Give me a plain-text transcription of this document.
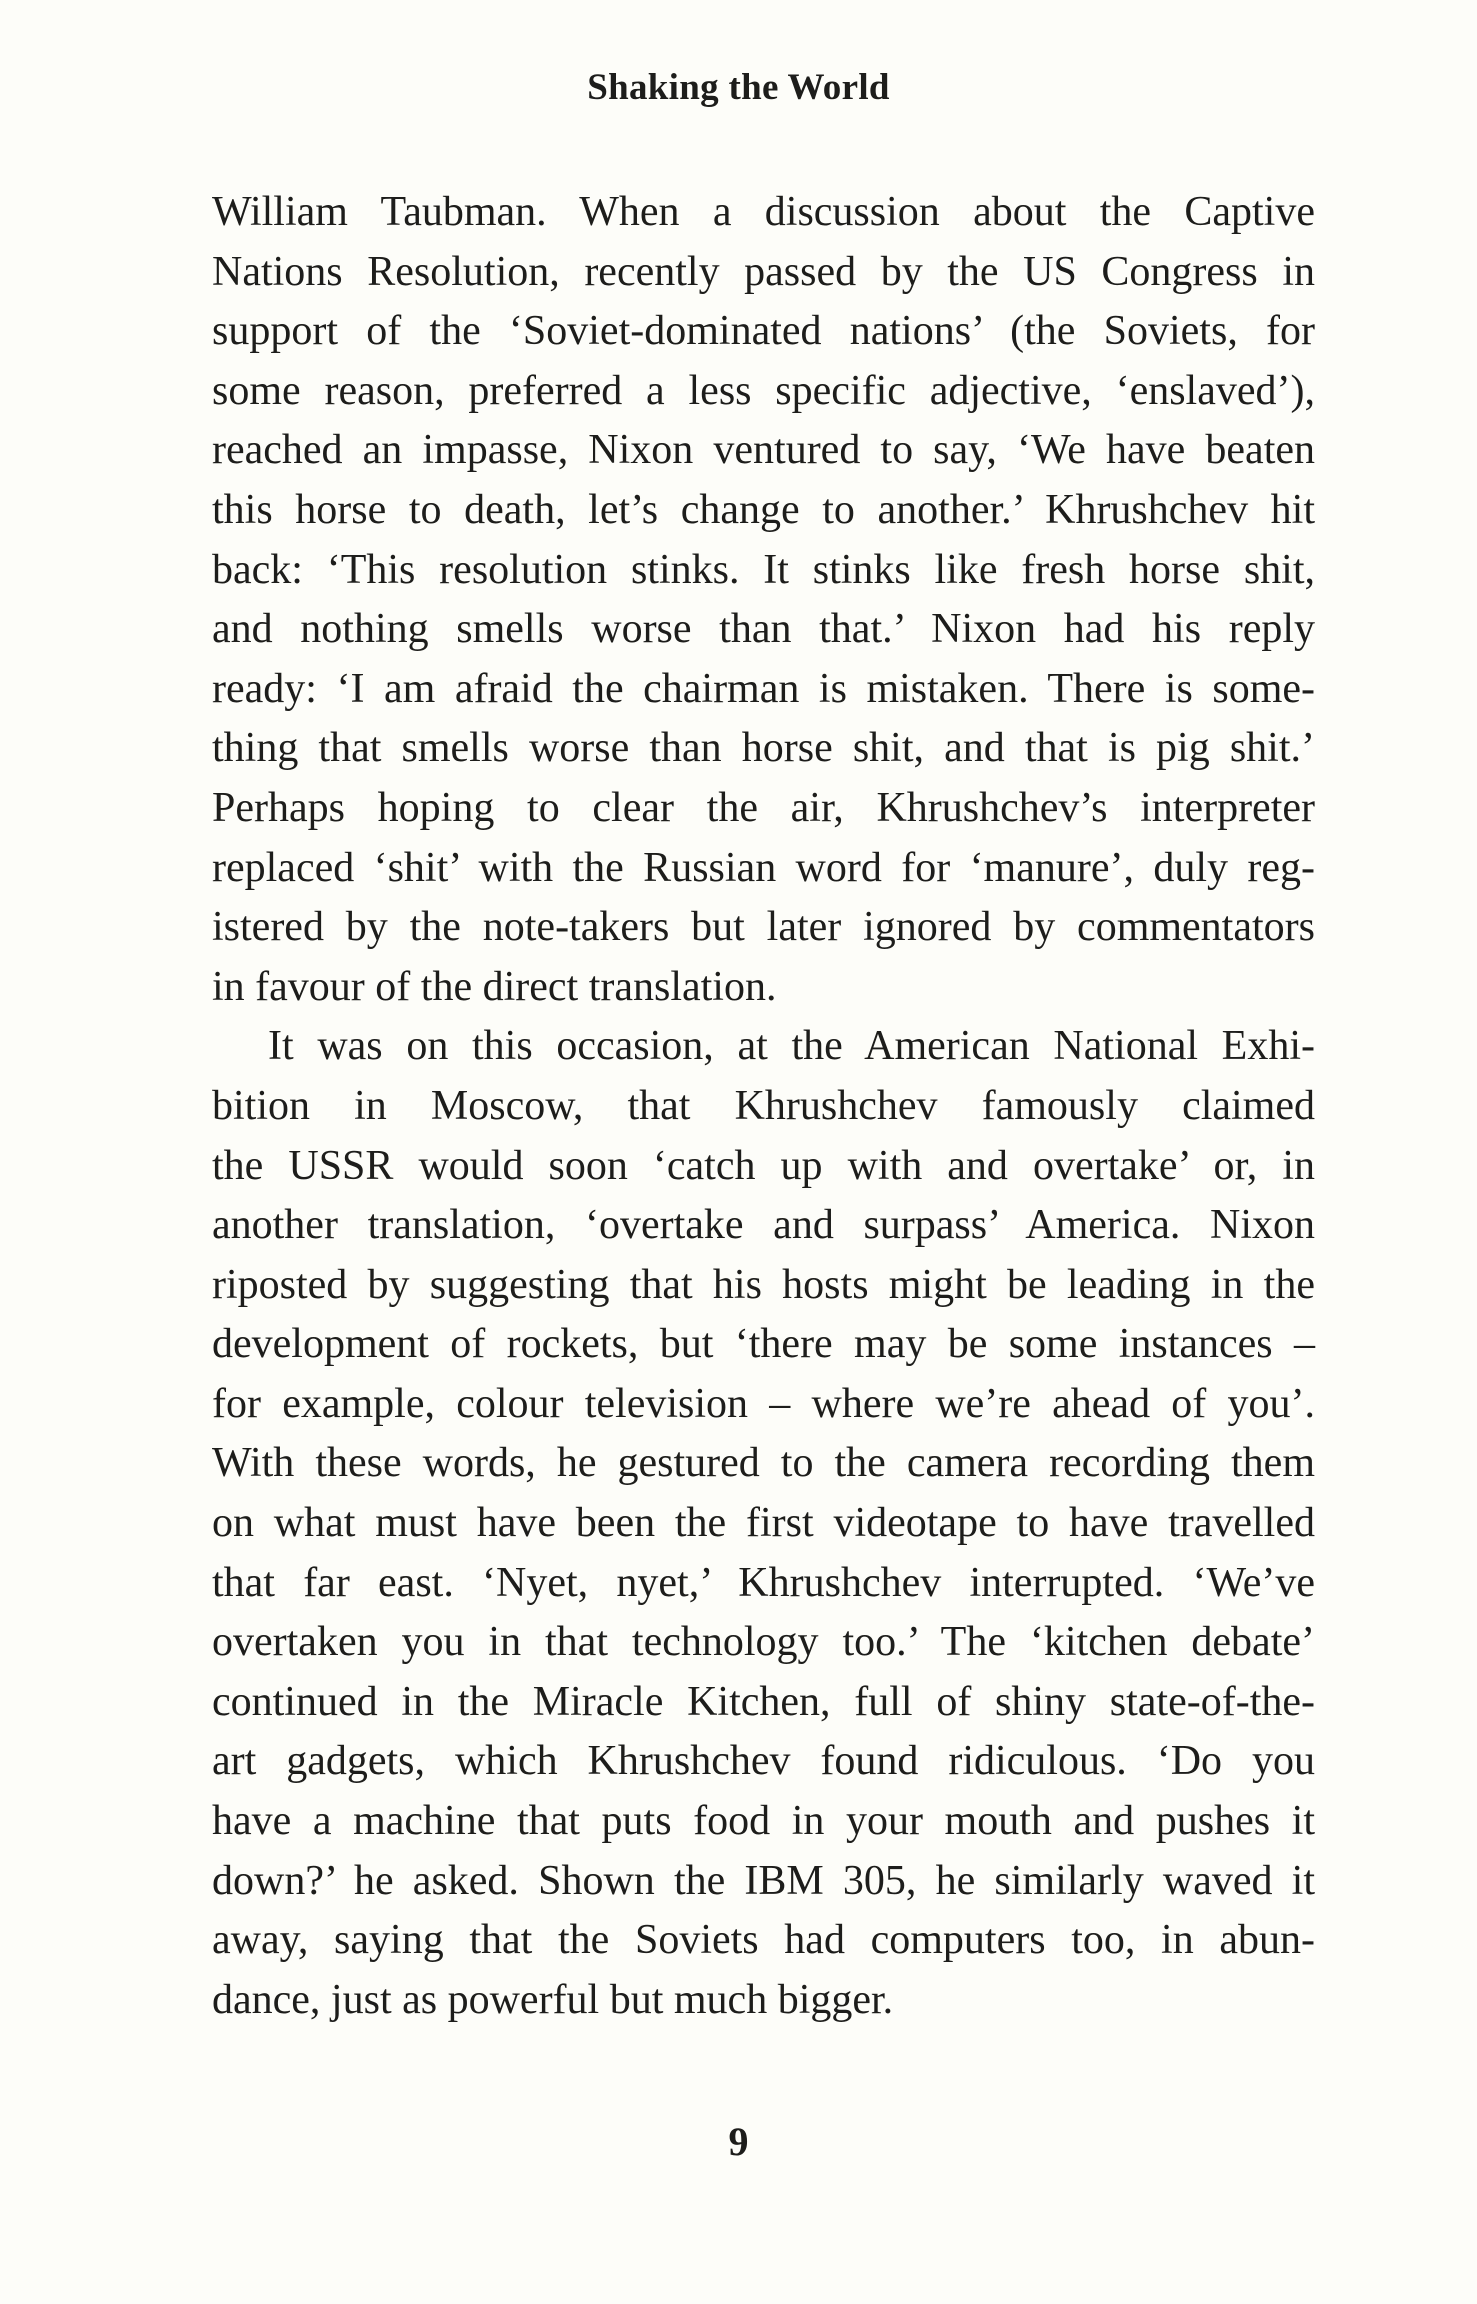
Shaking the World
William Taubman. When a discussion about the Captive
Nations Resolution, recently passed by the US Congress in
support of the ‘Soviet-dominated nations’ (the Soviets, for
some reason, preferred a less specific adjective, ‘enslaved’),
reached an impasse, Nixon ventured to say, ‘We have beaten
this horse to death, let’s change to another.’ Khrushchev hit
back: ‘This resolution stinks. It stinks like fresh horse shit,
and nothing smells worse than that.’ Nixon had his reply
ready: ‘I am afraid the chairman is mistaken. There is some-
thing that smells worse than horse shit, and that is pig shit.’
Perhaps hoping to clear the air, Khrushchev’s interpreter
replaced ‘shit’ with the Russian word for ‘manure’, duly reg-
istered by the note-takers but later ignored by commentators
in favour of the direct translation.
It was on this occasion, at the American National Exhi-
bition in Moscow, that Khrushchev famously claimed
the USSR would soon ‘catch up with and overtake’ or, in
another translation, ‘overtake and surpass’ America. Nixon
riposted by suggesting that his hosts might be leading in the
development of rockets, but ‘there may be some instances –
for example, colour television – where we’re ahead of you’.
With these words, he gestured to the camera recording them
on what must have been the first videotape to have travelled
that far east. ‘Nyet, nyet,’ Khrushchev interrupted. ‘We’ve
overtaken you in that technology too.’ The ‘kitchen debate’
continued in the Miracle Kitchen, full of shiny state-of-the-
art gadgets, which Khrushchev found ridiculous. ‘Do you
have a machine that puts food in your mouth and pushes it
down?’ he asked. Shown the IBM 305, he similarly waved it
away, saying that the Soviets had computers too, in abun-
dance, just as powerful but much bigger.
9
